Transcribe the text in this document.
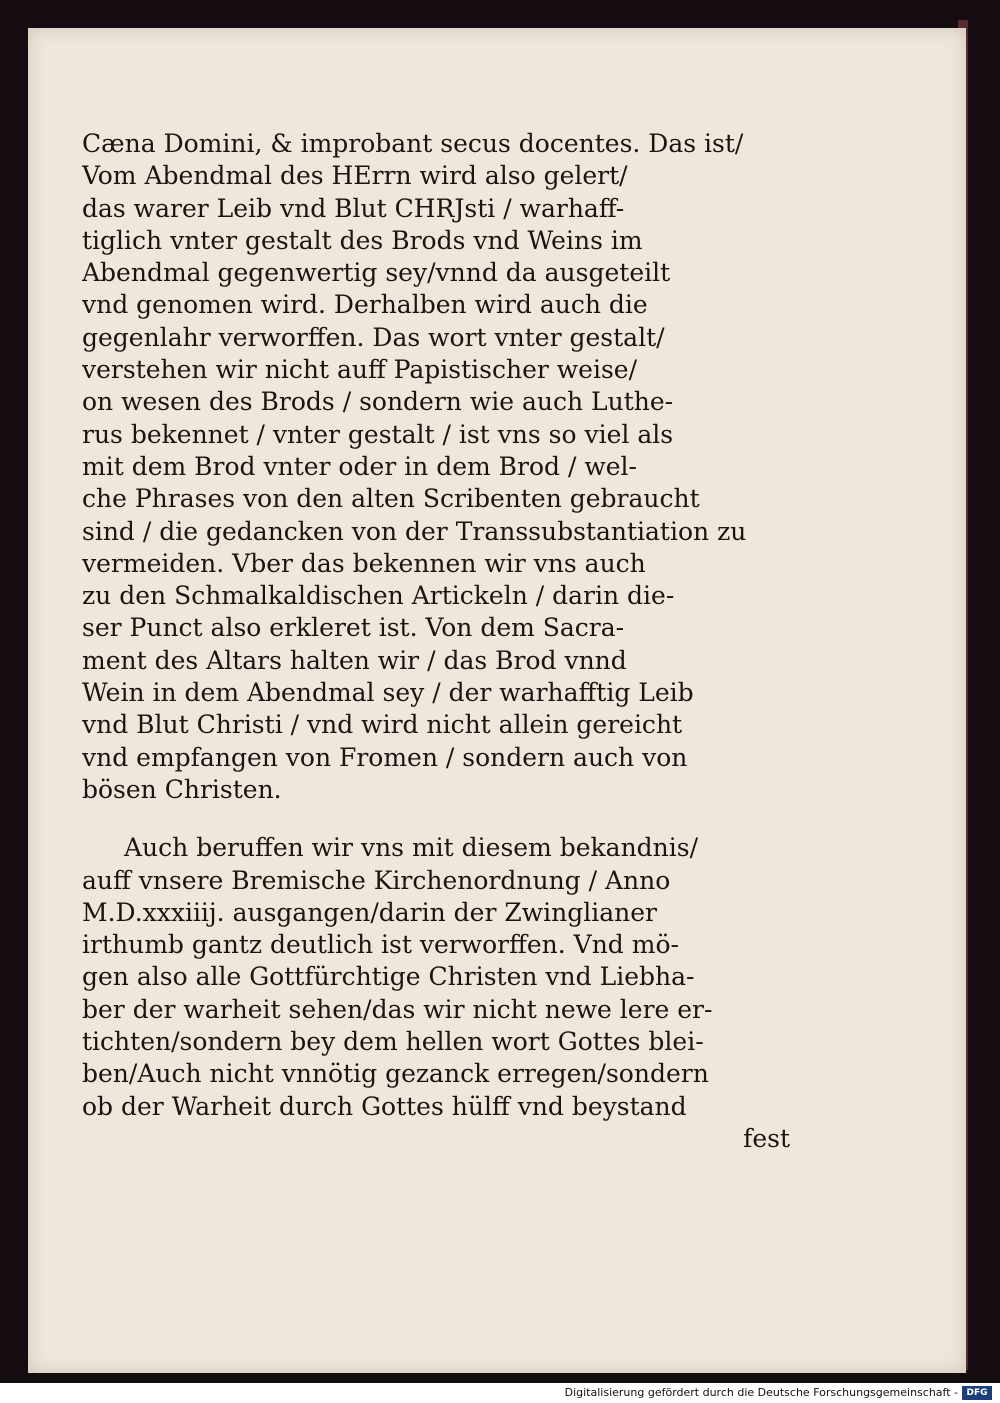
Cæna Domini, & improbant secus docentes. Das ist/
Vom Abendmal des HErrn wird also gelert/
das warer Leib vnd Blut CHRJsti / warhaff-
tiglich vnter gestalt des Brods vnd Weins im
Abendmal gegenwertig sey/vnnd da ausgeteilt
vnd genomen wird. Derhalben wird auch die
gegenlahr verworffen. Das wort vnter gestalt/
verstehen wir nicht auff Papistischer weise/
on wesen des Brods / sondern wie auch Luthe-
rus bekennet / vnter gestalt / ist vns so viel als
mit dem Brod vnter oder in dem Brod / wel-
che Phrases von den alten Scribenten gebraucht
sind / die gedancken von der Transsubstantiation zu
vermeiden. Vber das bekennen wir vns auch
zu den Schmalkaldischen Artickeln / darin die-
ser Punct also erkleret ist. Von dem Sacra-
ment des Altars halten wir / das Brod vnnd
Wein in dem Abendmal sey / der warhafftig Leib
vnd Blut Christi / vnd wird nicht allein gereicht
vnd empfangen von Fromen / sondern auch von
bösen Christen.
Auch beruffen wir vns mit diesem bekandnis/
auff vnsere Bremische Kirchenordnung / Anno
M.D.xxxiiij. ausgangen/darin der Zwinglianer
irthumb gantz deutlich ist verworffen. Vnd mö-
gen also alle Gottfürchtige Christen vnd Liebha-
ber der warheit sehen/das wir nicht newe lere er-
tichten/sondern bey dem hellen wort Gottes blei-
ben/Auch nicht vnnötig gezanck erregen/sondern
ob der Warheit durch Gottes hülff vnd beystand
fest
Digitalisierung gefördert durch die Deutsche Forschungsgemeinschaft - DFG
